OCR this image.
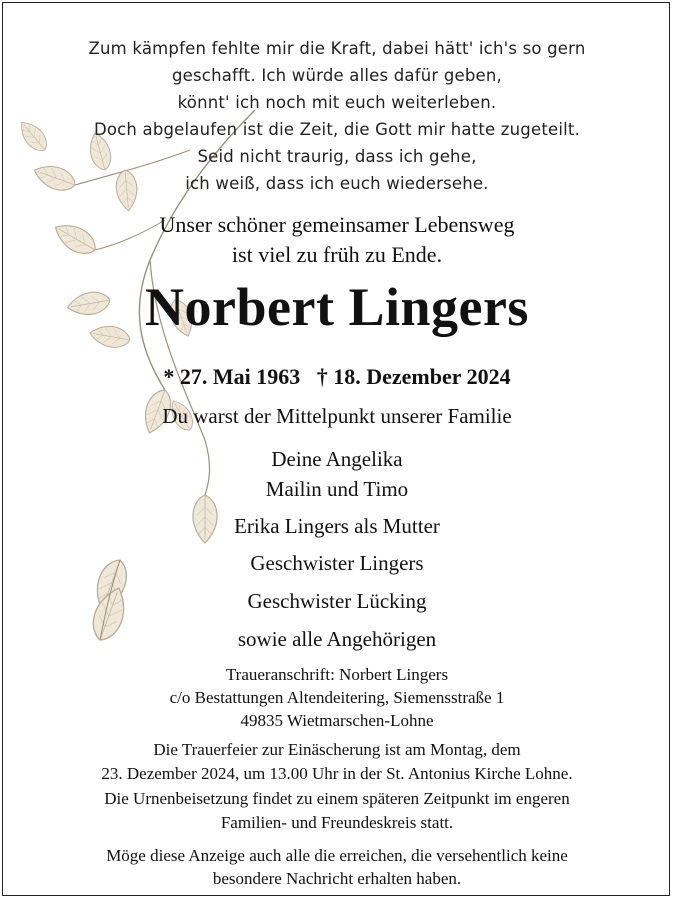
Zum kämpfen fehlte mir die Kraft, dabei hätt' ich's so gern
geschafft. Ich würde alles dafür geben,
könnt' ich noch mit euch weiterleben.
Doch abgelaufen ist die Zeit, die Gott mir hatte zugeteilt.
Seid nicht traurig, dass ich gehe,
ich weiß, dass ich euch wiedersehe.
Unser schöner gemeinsamer Lebensweg
ist viel zu früh zu Ende.
Norbert Lingers
* 27. Mai 1963 † 18. Dezember 2024
Du warst der Mittelpunkt unserer Familie
Deine Angelika
Mailin und Timo
Erika Lingers als Mutter
Geschwister Lingers
Geschwister Lücking
sowie alle Angehörigen
Traueranschrift: Norbert Lingers
c/o Bestattungen Altendeitering, Siemensstraße 1
49835 Wietmarschen-Lohne
Die Trauerfeier zur Einäscherung ist am Montag, dem
23. Dezember 2024, um 13.00 Uhr in der St. Antonius Kirche Lohne.
Die Urnenbeisetzung findet zu einem späteren Zeitpunkt im engeren
Familien- und Freundeskreis statt.
Möge diese Anzeige auch alle die erreichen, die versehentlich keine
besondere Nachricht erhalten haben.
